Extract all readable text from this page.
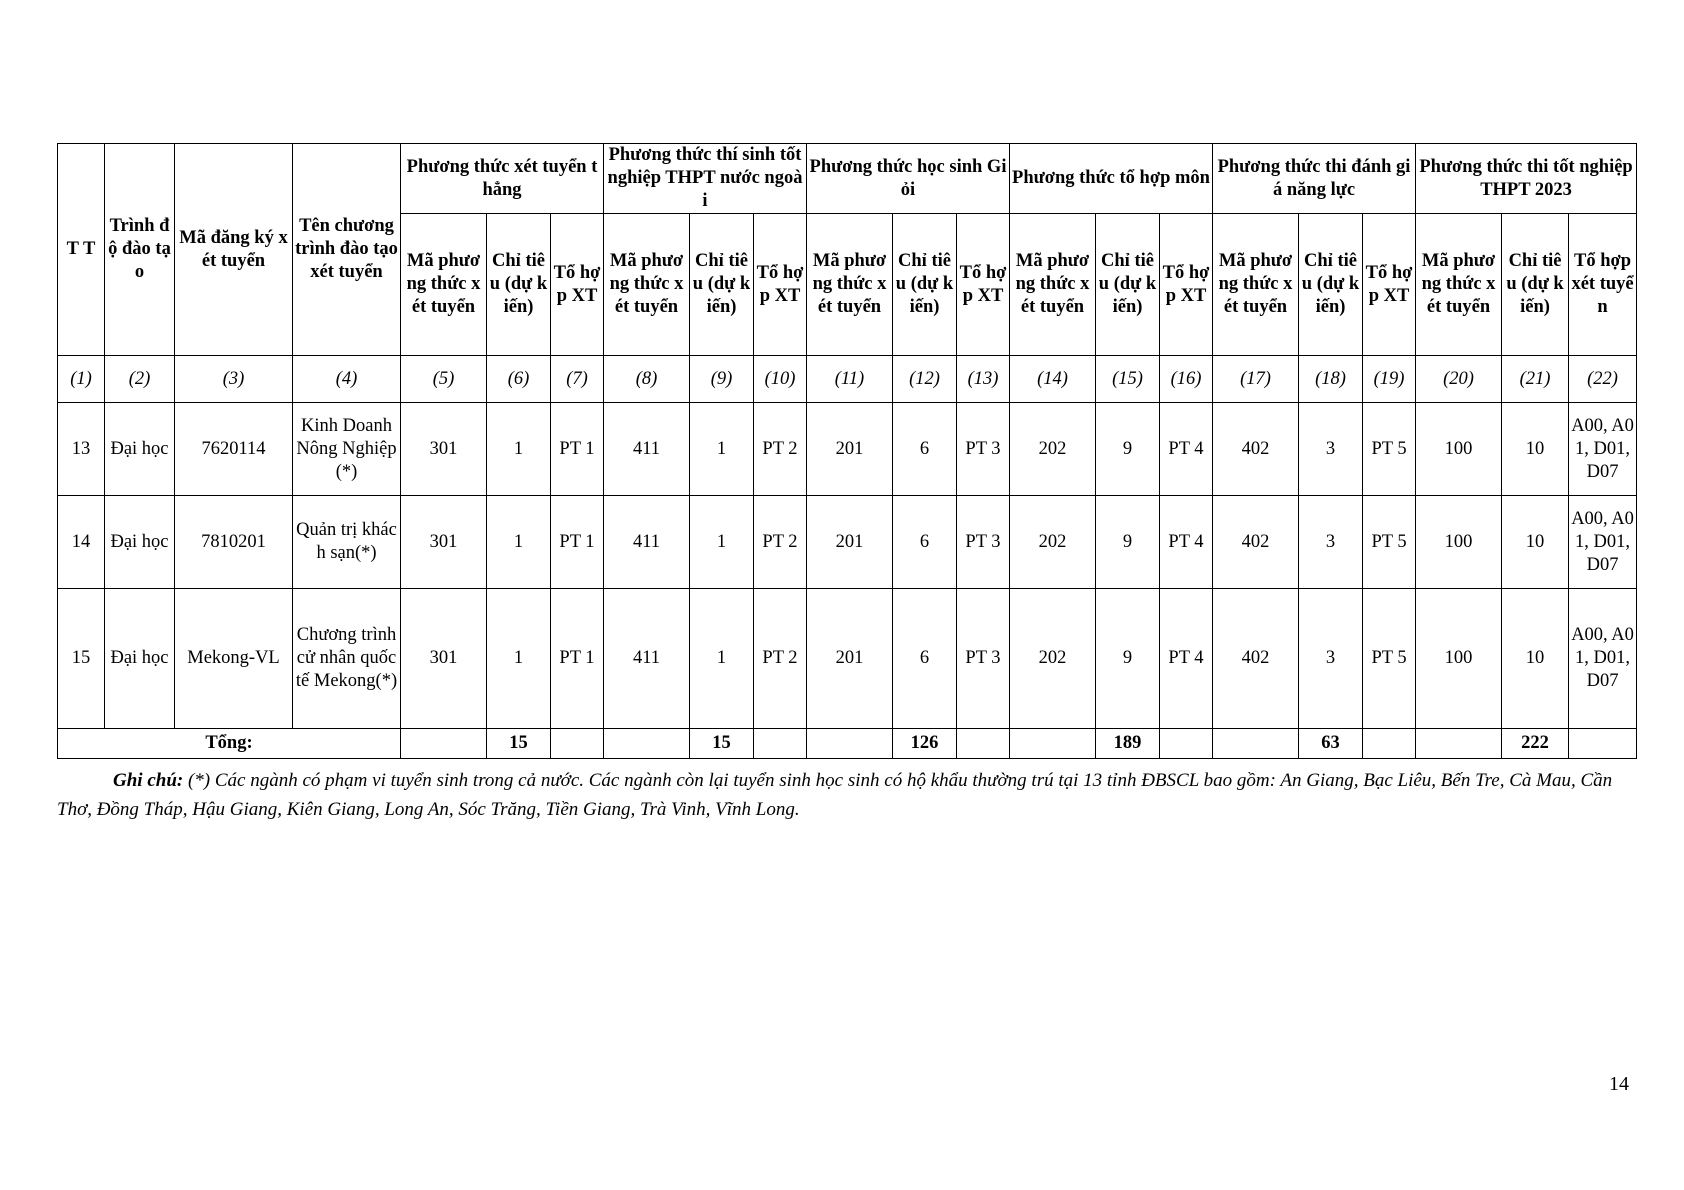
T T	Trình độ đào tạo	Mã đăng ký xét tuyển	Tên chương trình đào tạo xét tuyển	Phương thức xét tuyển thẳng			Phương thức thí sinh tốt nghiệp THPT nước ngoài			Phương thức học sinh Giỏi			Phương thức tổ hợp môn			Phương thức thi đánh giá năng lực			Phương thức thi tốt nghiệp THPT 2023		
				Mã phương thức xét tuyển	Chỉ tiêu (dự kiến)	Tổ hợp XT	Mã phương thức xét tuyển	Chỉ tiêu (dự kiến)	Tổ hợp XT	Mã phương thức xét tuyển	Chỉ tiêu (dự kiến)	Tổ hợp XT	Mã phương thức xét tuyển	Chỉ tiêu (dự kiến)	Tổ hợp XT	Mã phương thức xét tuyển	Chỉ tiêu (dự kiến)	Tổ hợp XT	Mã phương thức xét tuyển	Chỉ tiêu (dự kiến)	Tổ hợp xét tuyển
(1)	(2)	(3)	(4)	(5)	(6)	(7)	(8)	(9)	(10)	(11)	(12)	(13)	(14)	(15)	(16)	(17)	(18)	(19)	(20)	(21)	(22)
13	Đại học	7620114	Kinh Doanh Nông Nghiệp(*)	301	1	PT 1	411	1	PT 2	201	6	PT 3	202	9	PT 4	402	3	PT 5	100	10	A00, A01, D01, D07
14	Đại học	7810201	Quản trị khách sạn(*)	301	1	PT 1	411	1	PT 2	201	6	PT 3	202	9	PT 4	402	3	PT 5	100	10	A00, A01, D01, D07
15	Đại học	Mekong-VL	Chương trình cử nhân quốc tế Mekong(*)	301	1	PT 1	411	1	PT 2	201	6	PT 3	202	9	PT 4	402	3	PT 5	100	10	A00, A01, D01, D07
Tổng:					15			15			126			189			63			222	
Ghi chú: (*) Các ngành có phạm vi tuyển sinh trong cả nước. Các ngành còn lại tuyển sinh học sinh có hộ khẩu thường trú tại 13 tỉnh ĐBSCL bao gồm: An Giang, Bạc Liêu, Bến Tre, Cà Mau, Cần Thơ, Đồng Tháp, Hậu Giang, Kiên Giang, Long An, Sóc Trăng, Tiền Giang, Trà Vinh, Vĩnh Long.
14
